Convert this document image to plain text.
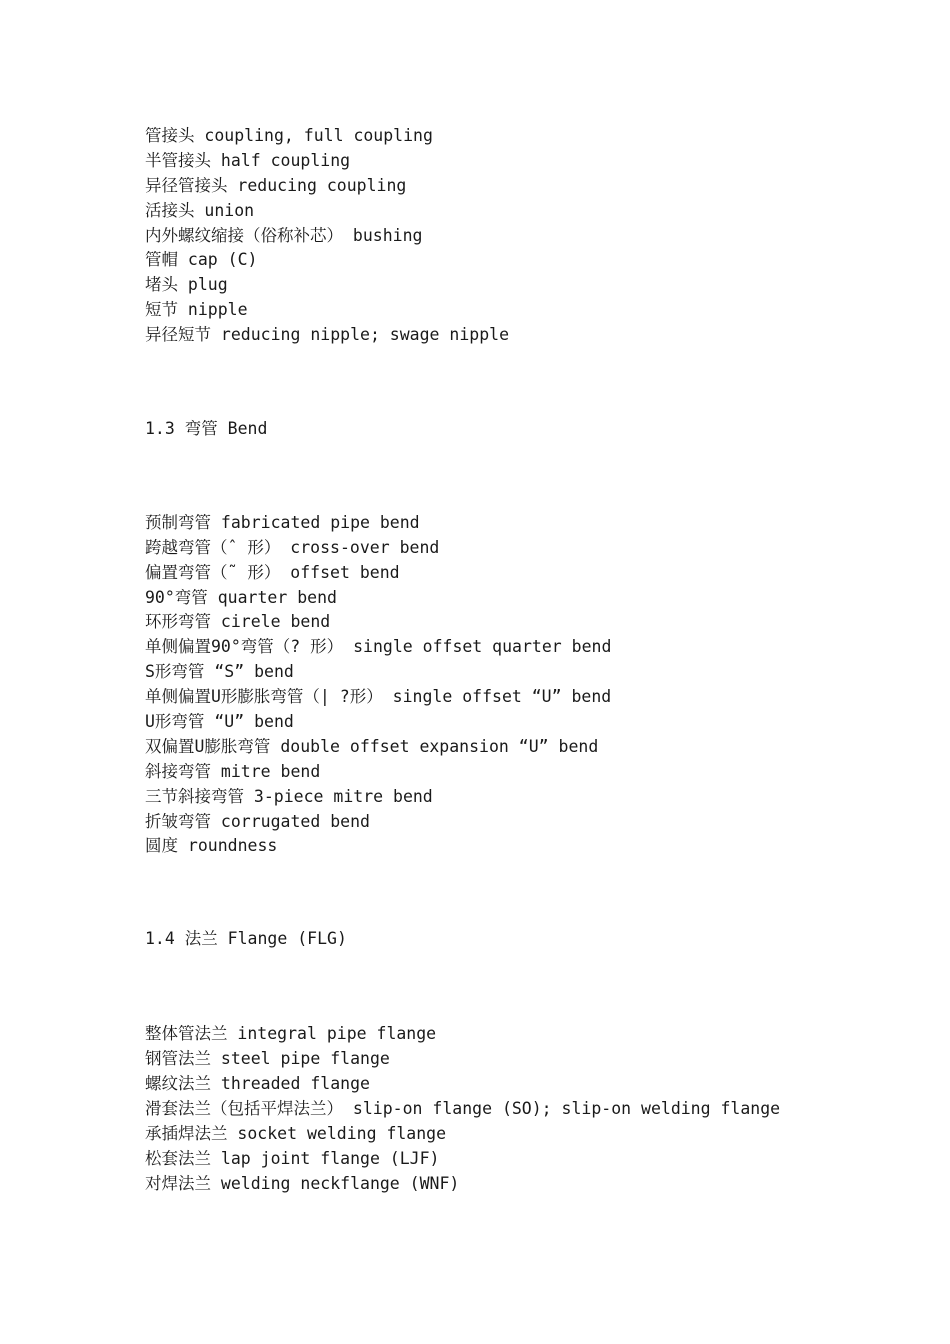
管接头 coupling, full coupling
半管接头 half coupling
异径管接头 reducing coupling
活接头 union
内外螺纹缩接（俗称补芯） bushing
管帽 cap (C)
堵头 plug
短节 nipple
异径短节 reducing nipple; swage nipple
1.3 弯管 Bend
预制弯管 fabricated pipe bend
跨越弯管（ˆ 形） cross-over bend
偏置弯管（˜ 形） offset bend
90°弯管 quarter bend
环形弯管 cirele bend
单侧偏置90°弯管（? 形） single offset quarter bend
S形弯管 “S” bend
单侧偏置U形膨胀弯管（| ?形） single offset “U” bend
U形弯管 “U” bend
双偏置U膨胀弯管 double offset expansion “U” bend
斜接弯管 mitre bend
三节斜接弯管 3-piece mitre bend
折皱弯管 corrugated bend
圆度 roundness
1.4 法兰 Flange (FLG)
整体管法兰 integral pipe flange
钢管法兰 steel pipe flange
螺纹法兰 threaded flange
滑套法兰（包括平焊法兰） slip-on flange (SO); slip-on welding flange
承插焊法兰 socket welding flange
松套法兰 lap joint flange (LJF)
对焊法兰 welding neckflange (WNF)
